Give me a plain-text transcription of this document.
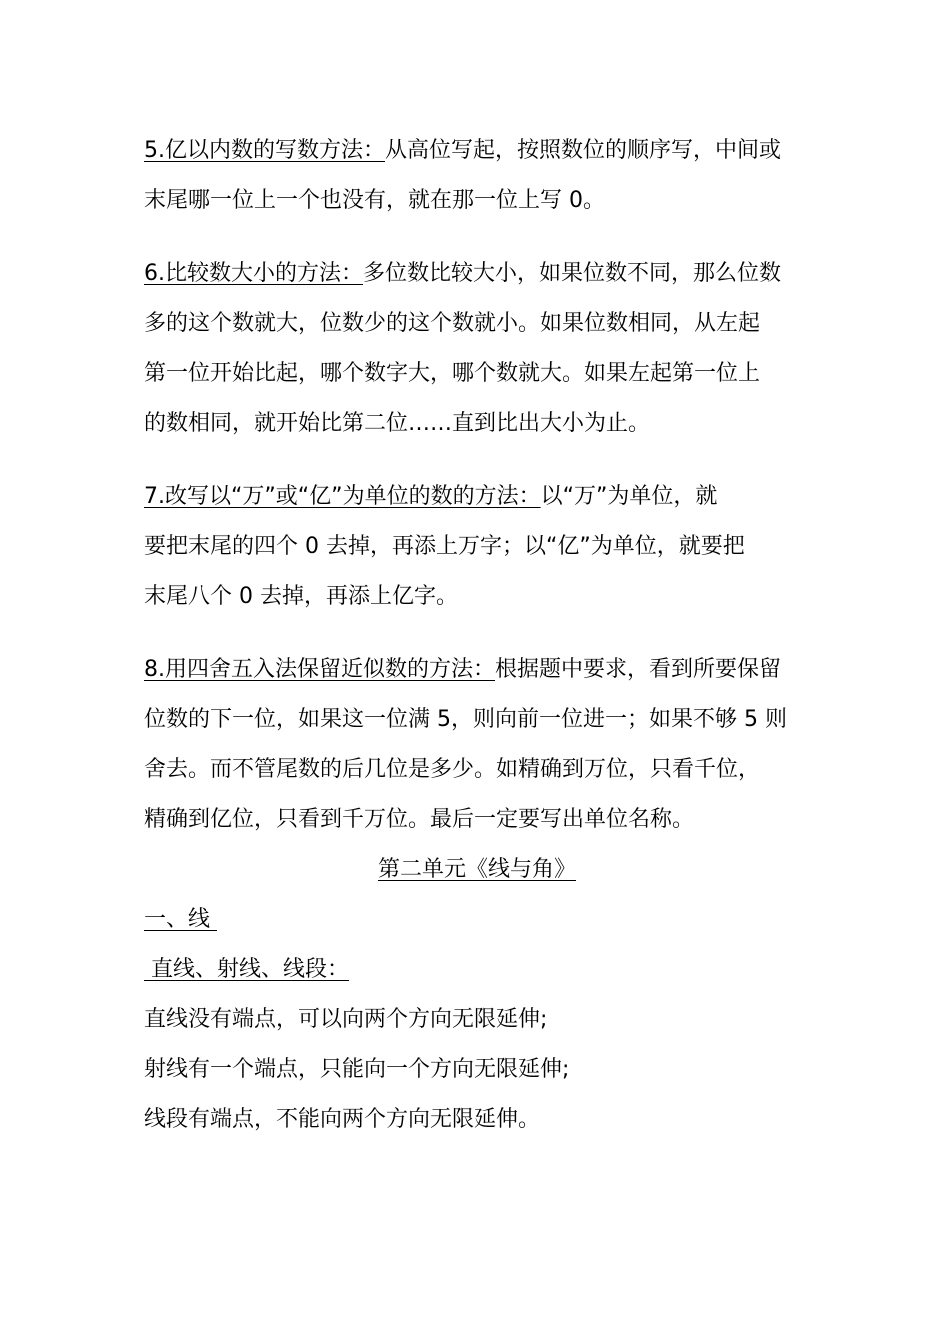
5.亿以内数的写数方法：从高位写起，按照数位的顺序写，中间或
末尾哪一位上一个也没有，就在那一位上写 0。
6.比较数大小的方法：多位数比较大小，如果位数不同，那么位数
多的这个数就大，位数少的这个数就小。如果位数相同，从左起
第一位开始比起，哪个数字大，哪个数就大。如果左起第一位上
的数相同，就开始比第二位……直到比出大小为止。
7.改写以“万”或“亿”为单位的数的方法：以“万”为单位，就
要把末尾的四个 0 去掉，再添上万字；以“亿”为单位，就要把
末尾八个 0 去掉，再添上亿字。
8.用四舍五入法保留近似数的方法：根据题中要求，看到所要保留
位数的下一位，如果这一位满 5，则向前一位进一；如果不够 5 则
舍去。而不管尾数的后几位是多少。如精确到万位，只看千位，
精确到亿位，只看到千万位。最后一定要写出单位名称。
第二单元《线与角》
一、线
直线、射线、线段：
直线没有端点，可以向两个方向无限延伸;
射线有一个端点，只能向一个方向无限延伸;
线段有端点，不能向两个方向无限延伸。
